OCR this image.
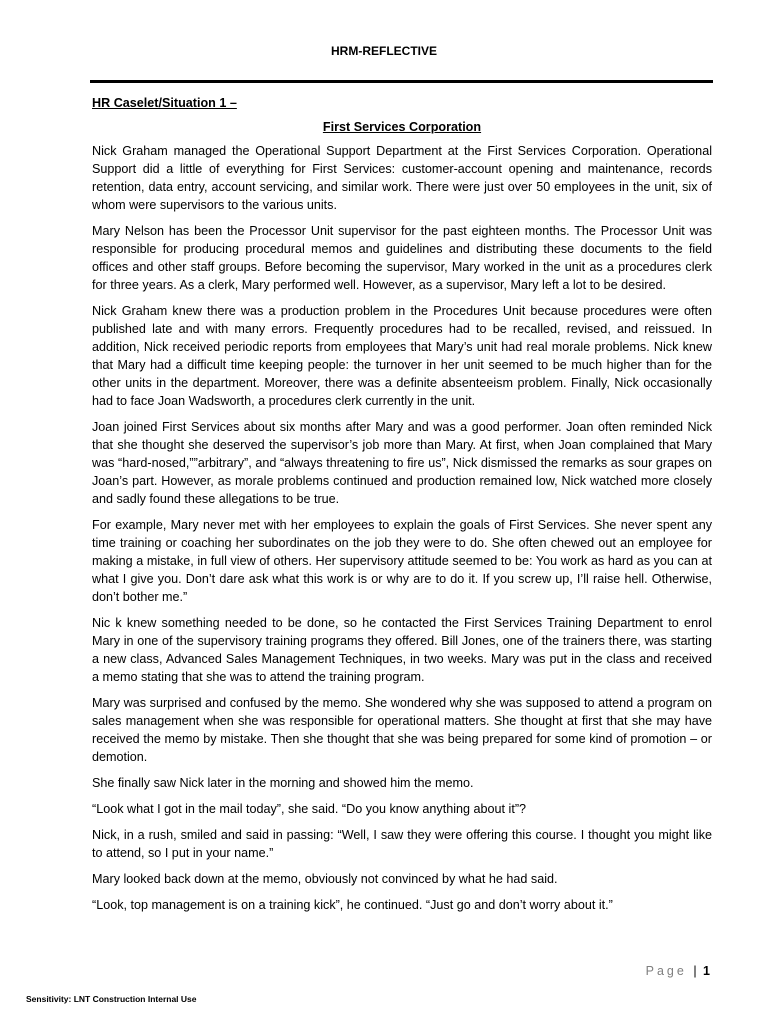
HRM-REFLECTIVE
HR Caselet/Situation 1 –
First Services Corporation

Nick Graham managed the Operational Support Department at the First Services Corporation. Operational Support did a little of everything for First Services: customer-account opening and maintenance, records retention, data entry, account servicing, and similar work. There were just over 50 employees in the unit, six of whom were supervisors to the various units.

Mary Nelson has been the Processor Unit supervisor for the past eighteen months. The Processor Unit was responsible for producing procedural memos and guidelines and distributing these documents to the field offices and other staff groups. Before becoming the supervisor, Mary worked in the unit as a procedures clerk for three years. As a clerk, Mary performed well. However, as a supervisor, Mary left a lot to be desired.

Nick Graham knew there was a production problem in the Procedures Unit because procedures were often published late and with many errors. Frequently procedures had to be recalled, revised, and reissued. In addition, Nick received periodic reports from employees that Mary’s unit had real morale problems. Nick knew that Mary had a difficult time keeping people: the turnover in her unit seemed to be much higher than for the other units in the department. Moreover, there was a definite absenteeism problem. Finally, Nick occasionally had to face Joan Wadsworth, a procedures clerk currently in the unit.

Joan joined First Services about six months after Mary and was a good performer. Joan often reminded Nick that she thought she deserved the supervisor’s job more than Mary. At first, when Joan complained that Mary was “hard-nosed,””arbitrary”, and “always threatening to fire us”, Nick dismissed the remarks as sour grapes on Joan’s part. However, as morale problems continued and production remained low, Nick watched more closely and sadly found these allegations to be true.

For example, Mary never met with her employees to explain the goals of First Services. She never spent any time training or coaching her subordinates on the job they were to do. She often chewed out an employee for making a mistake, in full view of others. Her supervisory attitude seemed to be: You work as hard as you can at what I give you. Don’t dare ask what this work is or why are to do it. If you screw up, I’ll raise hell. Otherwise, don’t bother me.”

Nic k knew something needed to be done, so he contacted the First Services Training Department to enrol Mary in one of the supervisory training programs they offered. Bill Jones, one of the trainers there, was starting a new class, Advanced Sales Management Techniques, in two weeks. Mary was put in the class and received a memo stating that she was to attend the training program.

Mary was surprised and confused by the memo. She wondered why she was supposed to attend a program on sales management when she was responsible for operational matters. She thought at first that she may have received the memo by mistake. Then she thought that she was being prepared for some kind of promotion – or demotion.

She finally saw Nick later in the morning and showed him the memo.

“Look what I got in the mail today”, she said. “Do you know anything about it”?

Nick, in a rush, smiled and said in passing: “Well, I saw they were offering this course. I thought you might like to attend, so I put in your name.”

Mary looked back down at the memo, obviously not convinced by what he had said.

“Look, top management is on a training kick”, he continued. “Just go and don’t worry about it.”

Page | 1
Sensitivity: LNT Construction Internal Use
